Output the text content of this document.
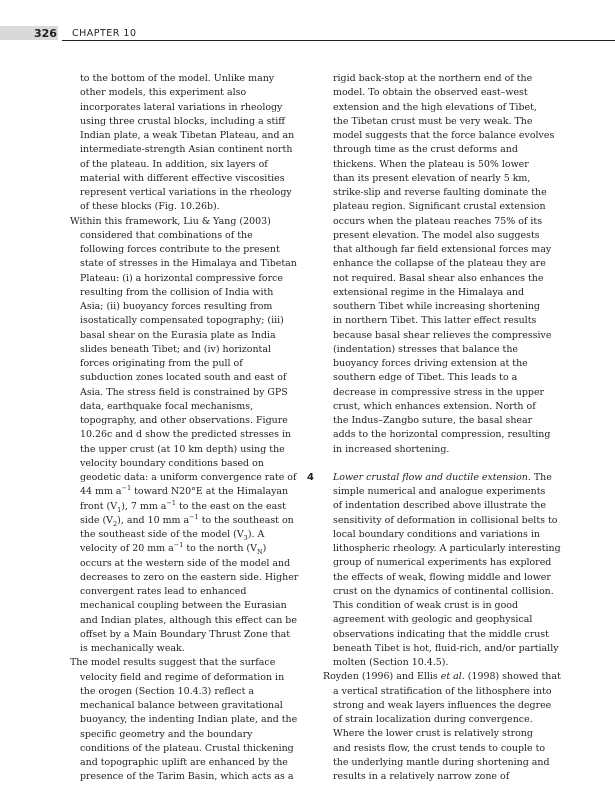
326 CHAPTER 10
to the bottom of the model. Unlike many
other models, this experiment also
incorporates lateral variations in rheology
using three crustal blocks, including a stiff
Indian plate, a weak Tibetan Plateau, and an
intermediate-strength Asian continent north
of the plateau. In addition, six layers of
material with different effective viscosities
represent vertical variations in the rheology
of these blocks (Fig. 10.26b).
Within this framework, Liu & Yang (2003)
considered that combinations of the
following forces contribute to the present
state of stresses in the Himalaya and Tibetan
Plateau: (i) a horizontal compressive force
resulting from the collision of India with
Asia; (ii) buoyancy forces resulting from
isostatically compensated topography; (iii)
basal shear on the Eurasia plate as India
slides beneath Tibet; and (iv) horizontal
forces originating from the pull of
subduction zones located south and east of
Asia. The stress field is constrained by GPS
data, earthquake focal mechanisms,
topography, and other observations. Figure
10.26c and d show the predicted stresses in
the upper crust (at 10 km depth) using the
velocity boundary conditions based on
geodetic data: a uniform convergence rate of
44 mm $a^{-1}$ toward N20°E at the Himalayan
front $(V_1)$, 7 mm $a^{-1}$ to the east on the east
side $(V_2)$, and 10 mm $a^{-1}$ to the southeast on
the southeast side of the model $(V_3)$. A
velocity of 20 mm $a^{-1}$ to the north $(V_N)$
occurs at the western side of the model and
decreases to zero on the eastern side. Higher
convergent rates lead to enhanced
mechanical coupling between the Eurasian
and Indian plates, although this effect can be
offset by a Main Boundary Thrust Zone that
is mechanically weak.
The model results suggest that the surface
velocity field and regime of deformation in
the orogen (Section 10.4.3) reflect a
mechanical balance between gravitational
buoyancy, the indenting Indian plate, and the
specific geometry and the boundary
conditions of the plateau. Crustal thickening
and topographic uplift are enhanced by the
presence of the Tarim Basin, which acts as a
rigid back-stop at the northern end of the
model. To obtain the observed east–west
extension and the high elevations of Tibet,
the Tibetan crust must be very weak. The
model suggests that the force balance evolves
through time as the crust deforms and
thickens. When the plateau is 50% lower
than its present elevation of nearly 5 km,
strike-slip and reverse faulting dominate the
plateau region. Significant crustal extension
occurs when the plateau reaches 75% of its
present elevation. The model also suggests
that although far field extensional forces may
enhance the collapse of the plateau they are
not required. Basal shear also enhances the
extensional regime in the Himalaya and
southern Tibet while increasing shortening
in northern Tibet. This latter effect results
because basal shear relieves the compressive
(indentation) stresses that balance the
buoyancy forces driving extension at the
southern edge of Tibet. This leads to a
decrease in compressive stress in the upper
crust, which enhances extension. North of
the Indus–Zangbo suture, the basal shear
adds to the horizontal compression, resulting
in increased shortening.
4	Lower crustal flow and ductile extension. The
simple numerical and analogue experiments
of indentation described above illustrate the
sensitivity of deformation in collisional belts to
local boundary conditions and variations in
lithospheric rheology. A particularly interesting
group of numerical experiments has explored
the effects of weak, flowing middle and lower
crust on the dynamics of continental collision.
This condition of weak crust is in good
agreement with geologic and geophysical
observations indicating that the middle crust
beneath Tibet is hot, fluid-rich, and/or partially
molten (Section 10.4.5).
Royden (1996) and Ellis et al. (1998) showed that
a vertical stratification of the lithosphere into
strong and weak layers influences the degree
of strain localization during convergence.
Where the lower crust is relatively strong
and resists flow, the crust tends to couple to
the underlying mantle during shortening and
results in a relatively narrow zone of
